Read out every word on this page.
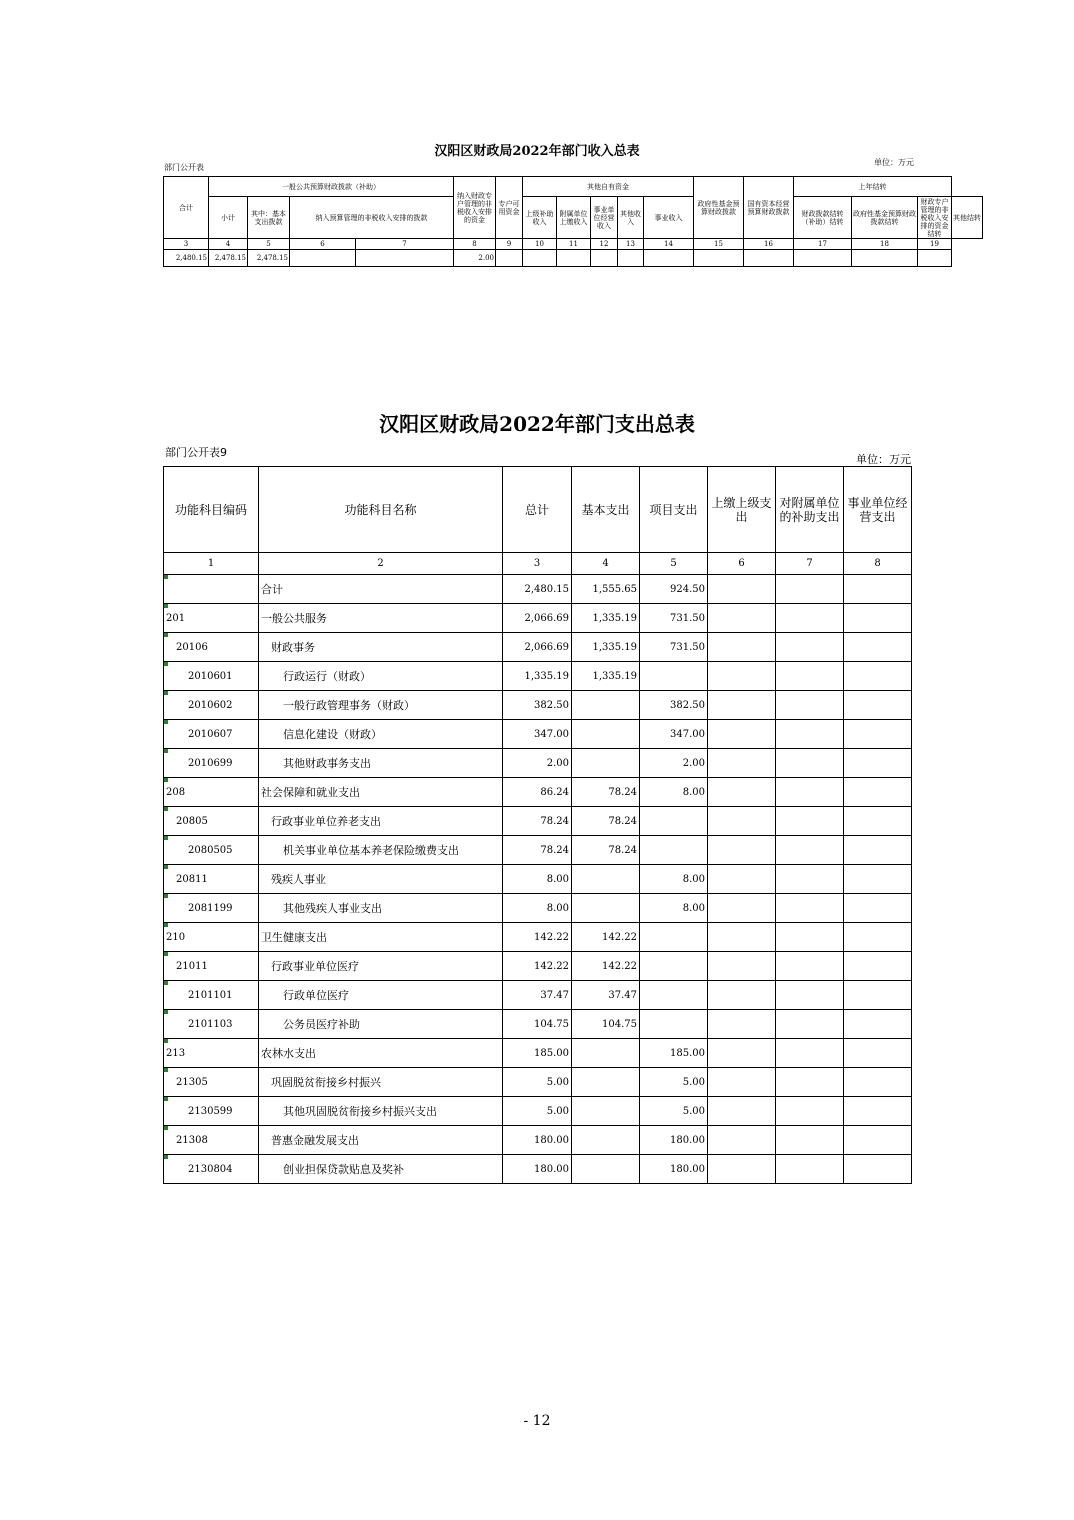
汉阳区财政局2022年部门收入总表
部门公开表
单位：万元
合计	一般公共预算财政拨款（补助）				纳入财政专户管理的非税收入安排的资金	专户可用资金	其他自有资金					政府性基金预算财政拨款	国有资本经营预算财政拨款	上年结转			
	小计	其中：基本支出拨款	纳入预算管理的非税收入安排的拨款				上级补助收入	附属单位上缴收入	事业单位经营收入	其他收入	事业收入			财政拨款结转（补助）结转	政府性基金预算财政拨款结转	财政专户管理的非税收入安排的资金结转	其他结转
3	4	5	6	7	8	9	10	11	12	13	14	15	16	17	18	19	
2,480.15	2,478.15	2,478.15			2.00												
汉阳区财政局2022年部门支出总表
部门公开表9
单位：万元
功能科目编码	功能科目名称	总计	基本支出	项目支出	上缴上级支出	对附属单位的补助支出	事业单位经营支出
1	2	3	4	5	6	7	8

	合计	2,480.15	1,555.65	924.50			

201	一般公共服务	2,066.69	1,335.19	731.50			

20106	财政事务	2,066.69	1,335.19	731.50			

2010601	行政运行（财政）	1,335.19	1,335.19				

2010602	一般行政管理事务（财政）	382.50		382.50			

2010607	信息化建设（财政）	347.00		347.00			

2010699	其他财政事务支出	2.00		2.00			

208	社会保障和就业支出	86.24	78.24	8.00			

20805	行政事业单位养老支出	78.24	78.24				

2080505	机关事业单位基本养老保险缴费支出	78.24	78.24				

20811	残疾人事业	8.00		8.00			

2081199	其他残疾人事业支出	8.00		8.00			

210	卫生健康支出	142.22	142.22				

21011	行政事业单位医疗	142.22	142.22				

2101101	行政单位医疗	37.47	37.47				

2101103	公务员医疗补助	104.75	104.75				

213	农林水支出	185.00		185.00			

21305	巩固脱贫衔接乡村振兴	5.00		5.00			

2130599	其他巩固脱贫衔接乡村振兴支出	5.00		5.00			

21308	普惠金融发展支出	180.00		180.00			

2130804	创业担保贷款贴息及奖补	180.00		180.00			
- 12
